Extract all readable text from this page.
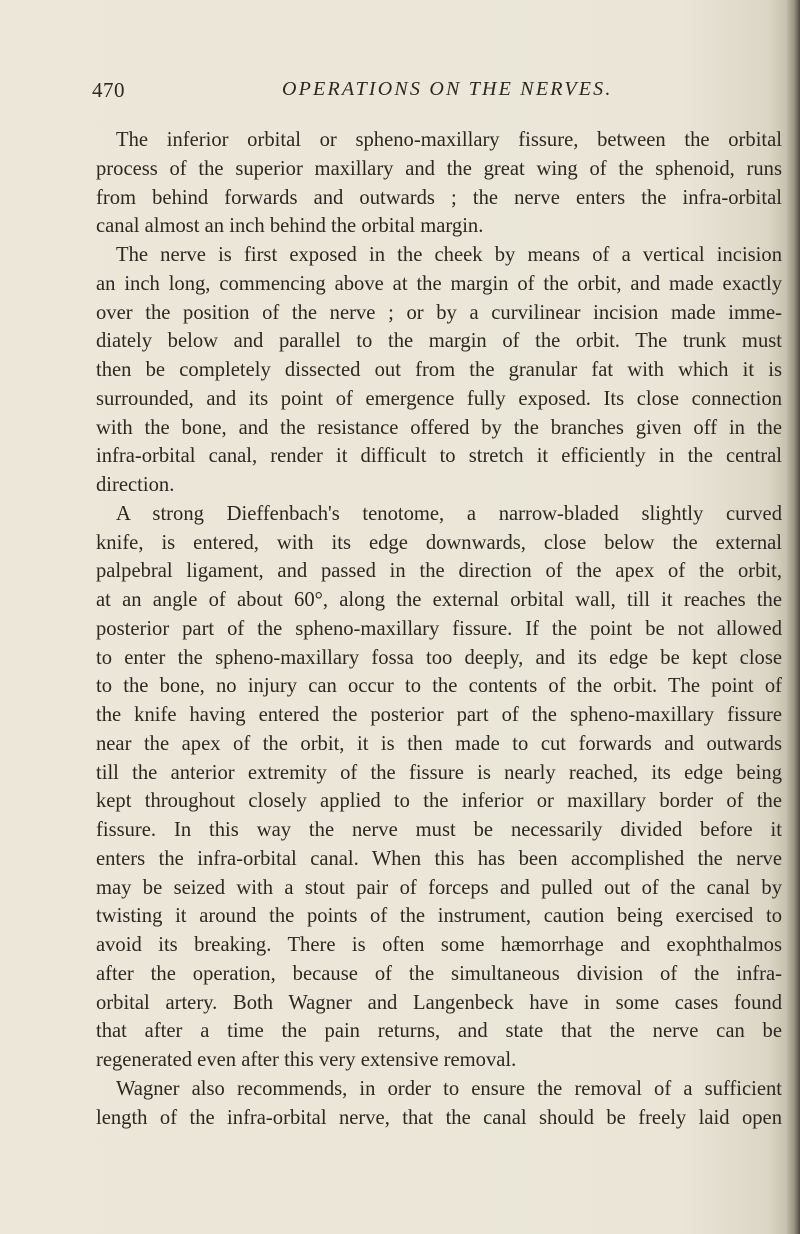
470	OPERATIONS ON THE NERVES.
The inferior orbital or spheno-maxillary fissure, between the orbital
process of the superior maxillary and the great wing of the sphenoid, runs
from behind forwards and outwards ; the nerve enters the infra-orbital
canal almost an inch behind the orbital margin.
The nerve is first exposed in the cheek by means of a vertical incision
an inch long, commencing above at the margin of the orbit, and made exactly
over the position of the nerve ; or by a curvilinear incision made imme-
diately below and parallel to the margin of the orbit. The trunk must
then be completely dissected out from the granular fat with which it is
surrounded, and its point of emergence fully exposed. Its close connection
with the bone, and the resistance offered by the branches given off in the
infra-orbital canal, render it difficult to stretch it efficiently in the central
direction.
A strong Dieffenbach's tenotome, a narrow-bladed slightly curved
knife, is entered, with its edge downwards, close below the external
palpebral ligament, and passed in the direction of the apex of the orbit,
at an angle of about 60°, along the external orbital wall, till it reaches the
posterior part of the spheno-maxillary fissure. If the point be not allowed
to enter the spheno-maxillary fossa too deeply, and its edge be kept close
to the bone, no injury can occur to the contents of the orbit. The point of
the knife having entered the posterior part of the spheno-maxillary fissure
near the apex of the orbit, it is then made to cut forwards and outwards
till the anterior extremity of the fissure is nearly reached, its edge being
kept throughout closely applied to the inferior or maxillary border of the
fissure. In this way the nerve must be necessarily divided before it
enters the infra-orbital canal. When this has been accomplished the nerve
may be seized with a stout pair of forceps and pulled out of the canal by
twisting it around the points of the instrument, caution being exercised to
avoid its breaking. There is often some hæmorrhage and exophthalmos
after the operation, because of the simultaneous division of the infra-
orbital artery. Both Wagner and Langenbeck have in some cases found
that after a time the pain returns, and state that the nerve can be
regenerated even after this very extensive removal.
Wagner also recommends, in order to ensure the removal of a sufficient
length of the infra-orbital nerve, that the canal should be freely laid open
